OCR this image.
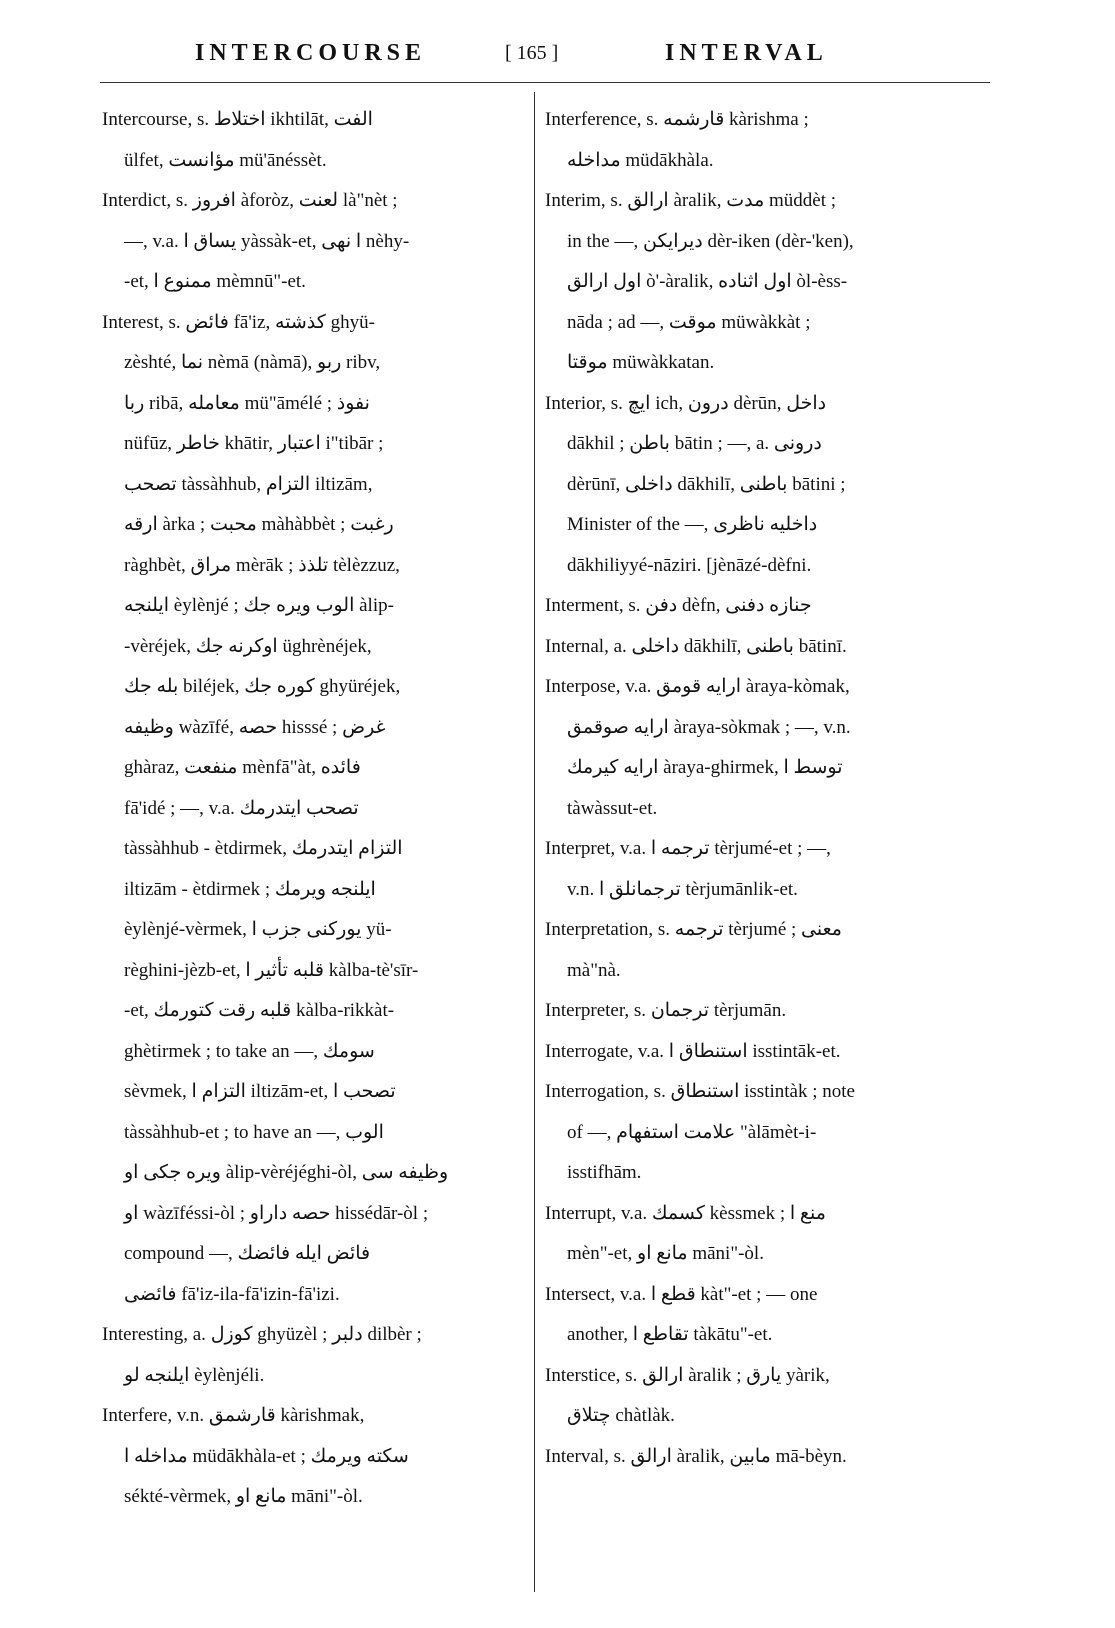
INTERCOURSE	[ 165 ]	INTERVAL
Intercourse, s. اختلاط ikhtilāt, الفت
ülfet, مؤانست mü'ānéssèt.
Interdict, s. افروز àforòz, لعنت là"nèt ;
—, v.a. يساق ا yàssàk-et, ا نهی nèhy-
-et, ممنوع ا mèmnū"-et.
Interest, s. فائض fā'iz, كذشته ghyü-
zèshté, نما nèmā (nàmā), ربو ribv,
ربا ribā, معامله mü"āmélé ; نفوذ
nüfūz, خاطر khātir, اعتبار i"tibār ;
تصحب tàssàhhub, التزام iltizām,
ارقه àrka ; محبت màhàbbèt ; رغبت
ràghbèt, مراق mèrāk ; تلذذ tèlèzzuz,
ايلنجه èylènjé ; الوب ويره جك àlip-
-vèréjek, اوكرنه جك üghrènéjek,
بله جك biléjek, كوره جك ghyüréjek,
وظيفه wàzīfé, حصه hisssé ; غرض
ghàraz, منفعت mènfā"àt, فائده
fā'idé ; —, v.a. تصحب ايتدرمك
tàssàhhub - ètdirmek, التزام ايتدرمك
iltizām - ètdirmek ; ايلنجه ويرمك
èylènjé-vèrmek, يوركنى جزب ا yü-
règhini-jèzb-et, قلبه تأثير ا kàlba-tè'sīr-
-et, قلبه رقت كتورمك kàlba-rikkàt-
ghètirmek ; to take an —, سومك
sèvmek, التزام ا iltizām-et, تصحب ا
tàssàhhub-et ; to have an —, الوب
ويره جكى او àlip-vèréjéghi-òl, وظيفه سى
او wàzīféssi-òl ; حصه داراو hissédār-òl ;
compound —, فائض ايله فائضك
فائضى fā'iz-ila-fā'izin-fā'izi.
Interesting, a. كوزل ghyüzèl ; دلبر dilbèr ;
ايلنجه لو èylènjéli.
Interfere, v.n. قارشمق kàrishmak,
مداخله ا müdākhàla-et ; سكته ويرمك
sékté-vèrmek, مانع او māni"-òl.
Interference, s. قارشمه kàrishma ;
مداخله müdākhàla.
Interim, s. ارالق àralik, مدت müddèt ;
in the —, ديرايكن dèr-iken (dèr-'ken),
اول ارالق ò'-àralik, اول اثناده òl-èss-
nāda ; ad —, موقت müwàkkàt ;
موقتا müwàkkatan.
Interior, s. ايچ ich, درون dèrūn, داخل
dākhil ; باطن bātin ; —, a. درونى
dèrūnī, داخلى dākhilī, باطنى bātini ;
Minister of the —, داخليه ناظرى
dākhiliyyé-nāziri. [jènāzé-dèfni.
Interment, s. دفن dèfn, جنازه دفنى
Internal, a. داخلى dākhilī, باطنى bātinī.
Interpose, v.a. ارايه قومق àraya-kòmak,
ارايه صوقمق àraya-sòkmak ; —, v.n.
ارايه كيرمك àraya-ghirmek, توسط ا
tàwàssut-et.
Interpret, v.a. ترجمه ا tèrjumé-et ; —,
v.n. ترجمانلق ا tèrjumānlik-et.
Interpretation, s. ترجمه tèrjumé ; معنى
mà"nà.
Interpreter, s. ترجمان tèrjumān.
Interrogate, v.a. استنطاق ا isstintāk-et.
Interrogation, s. استنطاق isstintàk ; note
of —, علامت استفهام "àlāmèt-i-
isstifhām.
Interrupt, v.a. كسمك kèssmek ; منع ا
mèn"-et, مانع او māni"-òl.
Intersect, v.a. قطع ا kàt"-et ; — one
another, تقاطع ا tàkātu"-et.
Interstice, s. ارالق àralik ; يارق yàrik,
چتلاق chàtlàk.
Interval, s. ارالق àralik, مابين mā-bèyn.
